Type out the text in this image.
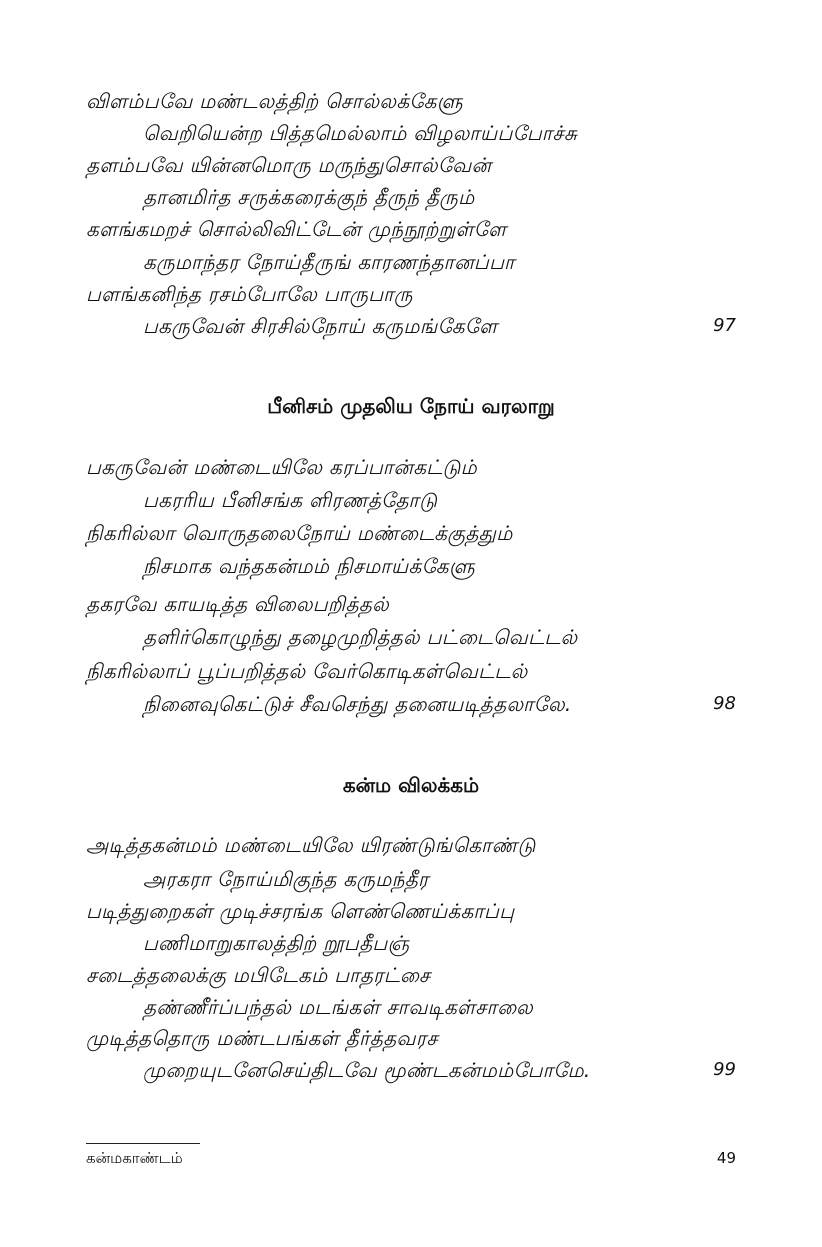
விளம்பவே மண்டலத்திற் சொல்லக்கேளு
வெறியென்ற பித்தமெல்லாம் விழலாய்ப்போச்சு
தளம்பவே யின்னமொரு மருந்துசொல்வேன்
தானமிர்த சருக்கரைக்குந் தீருந் தீரும்
களங்கமறச் சொல்லிவிட்டேன் முந்நூற்றுள்ளே
கருமாந்தர நோய்தீருங் காரணந்தானப்பா
பளங்கனிந்த ரசம்போலே பாருபாரு
பகருவேன் சிரசில்நோய் கருமங்கேளே	97
பீனிசம் முதலிய நோய் வரலாறு
பகருவேன் மண்டையிலே கரப்பான்கட்டும்
பகரரிய பீனிசங்க ளிரணத்தோடு
நிகரில்லா வொருதலைநோய் மண்டைக்குத்தும்
நிசமாக வந்தகன்மம் நிசமாய்க்கேளு
தகரவே காயடித்த விலைபறித்தல்
தளிர்கொழுந்து தழைமுறித்தல் பட்டைவெட்டல்
நிகரில்லாப் பூப்பறித்தல் வேர்கொடிகள்வெட்டல்
நினைவுகெட்டுச் சீவசெந்து தனையடித்தலாலே.	98
கன்ம விலக்கம்
அடித்தகன்மம் மண்டையிலே யிரண்டுங்கொண்டு
அரகரா நோய்மிகுந்த கருமந்தீர
படித்துறைகள் முடிச்சரங்க ளெண்ணெய்க்காப்பு
பணிமாறுகாலத்திற் றூபதீபஞ்
சடைத்தலைக்கு மபிடேகம் பாதரட்சை
தண்ணீர்ப்பந்தல் மடங்கள் சாவடிகள்சாலை
முடித்ததொரு மண்டபங்கள் தீர்த்தவரச
முறையுடனேசெய்திடவே மூண்டகன்மம்போமே.	99
கன்மகாண்டம்	49
